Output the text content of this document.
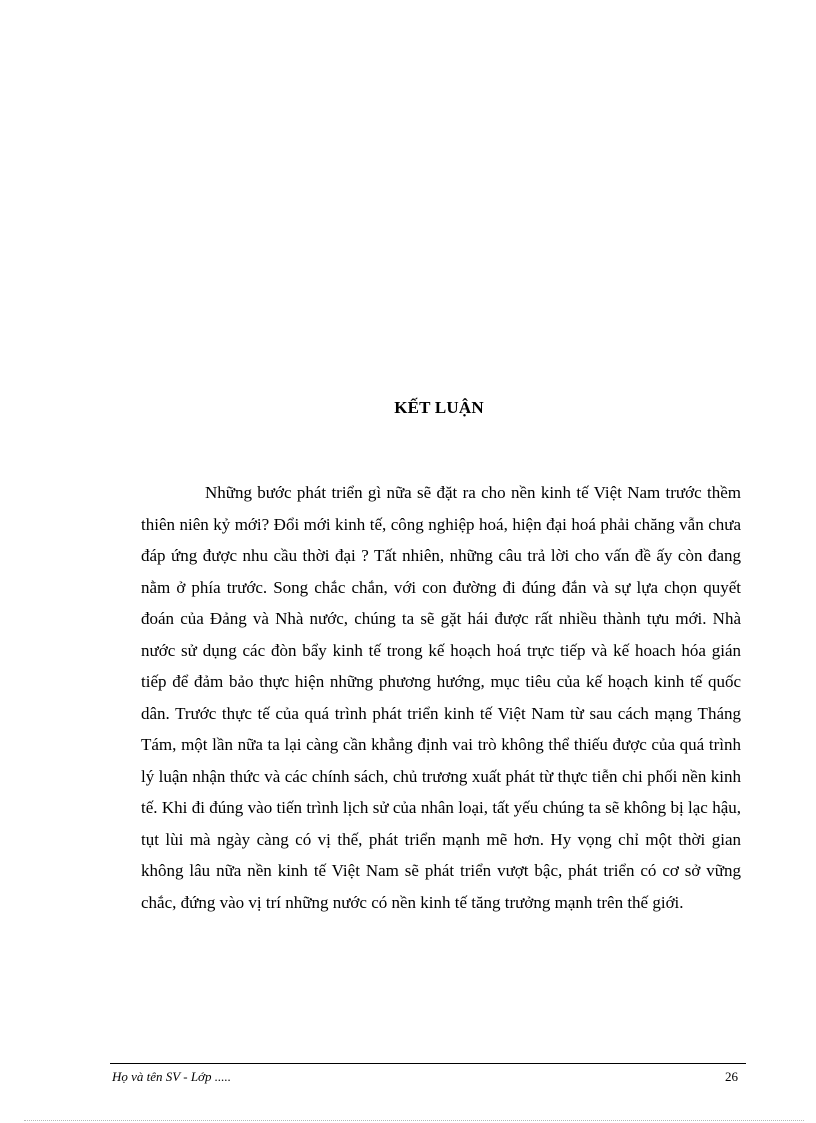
KẾT LUẬN

Những bước phát triển gì nữa sẽ đặt ra cho nền kinh tế Việt Nam trước thềm thiên niên kỷ mới? Đổi mới kinh tế, công nghiệp hoá, hiện đại hoá phải chăng vẫn chưa đáp ứng được nhu cầu thời đại ? Tất nhiên, những câu trả lời cho vấn đề ấy còn đang nằm ở phía trước. Song chắc chắn, với con đường đi đúng đắn và sự lựa chọn quyết đoán của Đảng và Nhà nước, chúng ta sẽ gặt hái được rất nhiều thành tựu mới. Nhà nước sử dụng các đòn bẩy kinh tế trong kế hoạch hoá trực tiếp và kế hoach hóa gián tiếp để đảm bảo thực hiện những phương hướng, mục tiêu của kế hoạch kinh tế quốc dân. Trước thực tế của quá trình phát triển kinh tế Việt Nam từ sau cách mạng Tháng Tám, một lần nữa ta lại càng cần khẳng định vai trò không thể thiếu được của quá trình lý luận nhận thức và các chính sách, chủ trương xuất phát từ thực tiễn chi phối nền kinh tế. Khi đi đúng vào tiến trình lịch sử của nhân loại, tất yếu chúng ta sẽ không bị lạc hậu, tụt lùi mà ngày càng có vị thế, phát triển mạnh mẽ hơn. Hy vọng chỉ một thời gian không lâu nữa nền kinh tế Việt Nam sẽ phát triển vượt bậc, phát triển có cơ sở vững chắc, đứng vào vị trí những nước có nền kinh tế tăng trưởng mạnh trên thế giới.

Họ và tên SV - Lớp .....	26
